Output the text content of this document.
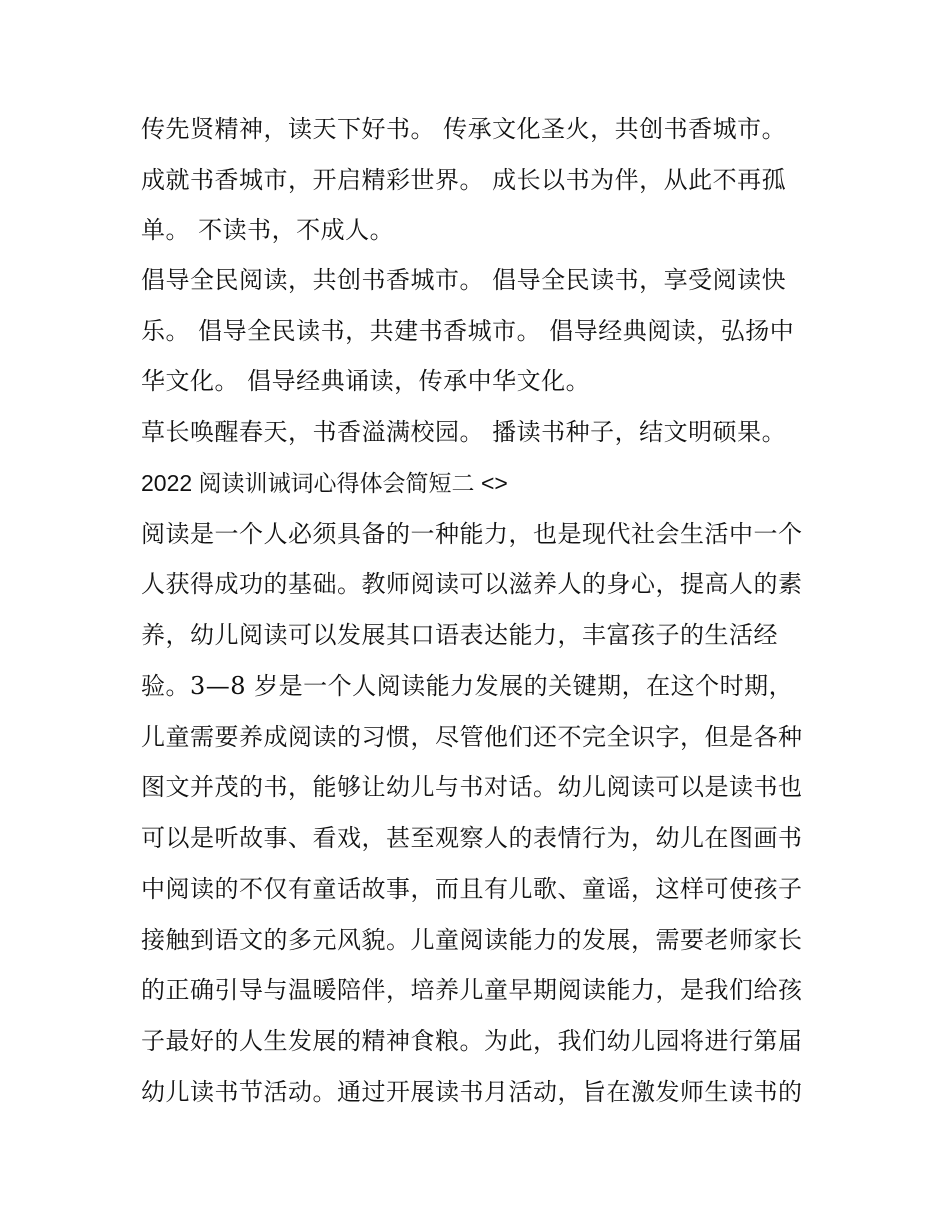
传先贤精神，读天下好书。 传承文化圣火，共创书香城市。
成就书香城市，开启精彩世界。 成长以书为伴，从此不再孤
单。 不读书，不成人。
倡导全民阅读，共创书香城市。 倡导全民读书，享受阅读快
乐。 倡导全民读书，共建书香城市。 倡导经典阅读，弘扬中
华文化。 倡导经典诵读，传承中华文化。
草长唤醒春天，书香溢满校园。 播读书种子，结文明硕果。
2022 阅读训诫词心得体会简短二 <>
阅读是一个人必须具备的一种能力，也是现代社会生活中一个
人获得成功的基础。教师阅读可以滋养人的身心，提高人的素
养，幼儿阅读可以发展其口语表达能力，丰富孩子的生活经
验。3—8 岁是一个人阅读能力发展的关键期，在这个时期，
儿童需要养成阅读的习惯，尽管他们还不完全识字，但是各种
图文并茂的书，能够让幼儿与书对话。幼儿阅读可以是读书也
可以是听故事、看戏，甚至观察人的表情行为，幼儿在图画书
中阅读的不仅有童话故事，而且有儿歌、童谣，这样可使孩子
接触到语文的多元风貌。儿童阅读能力的发展，需要老师家长
的正确引导与温暖陪伴，培养儿童早期阅读能力，是我们给孩
子最好的人生发展的精神食粮。为此，我们幼儿园将进行第届
幼儿读书节活动。通过开展读书月活动，旨在激发师生读书的
